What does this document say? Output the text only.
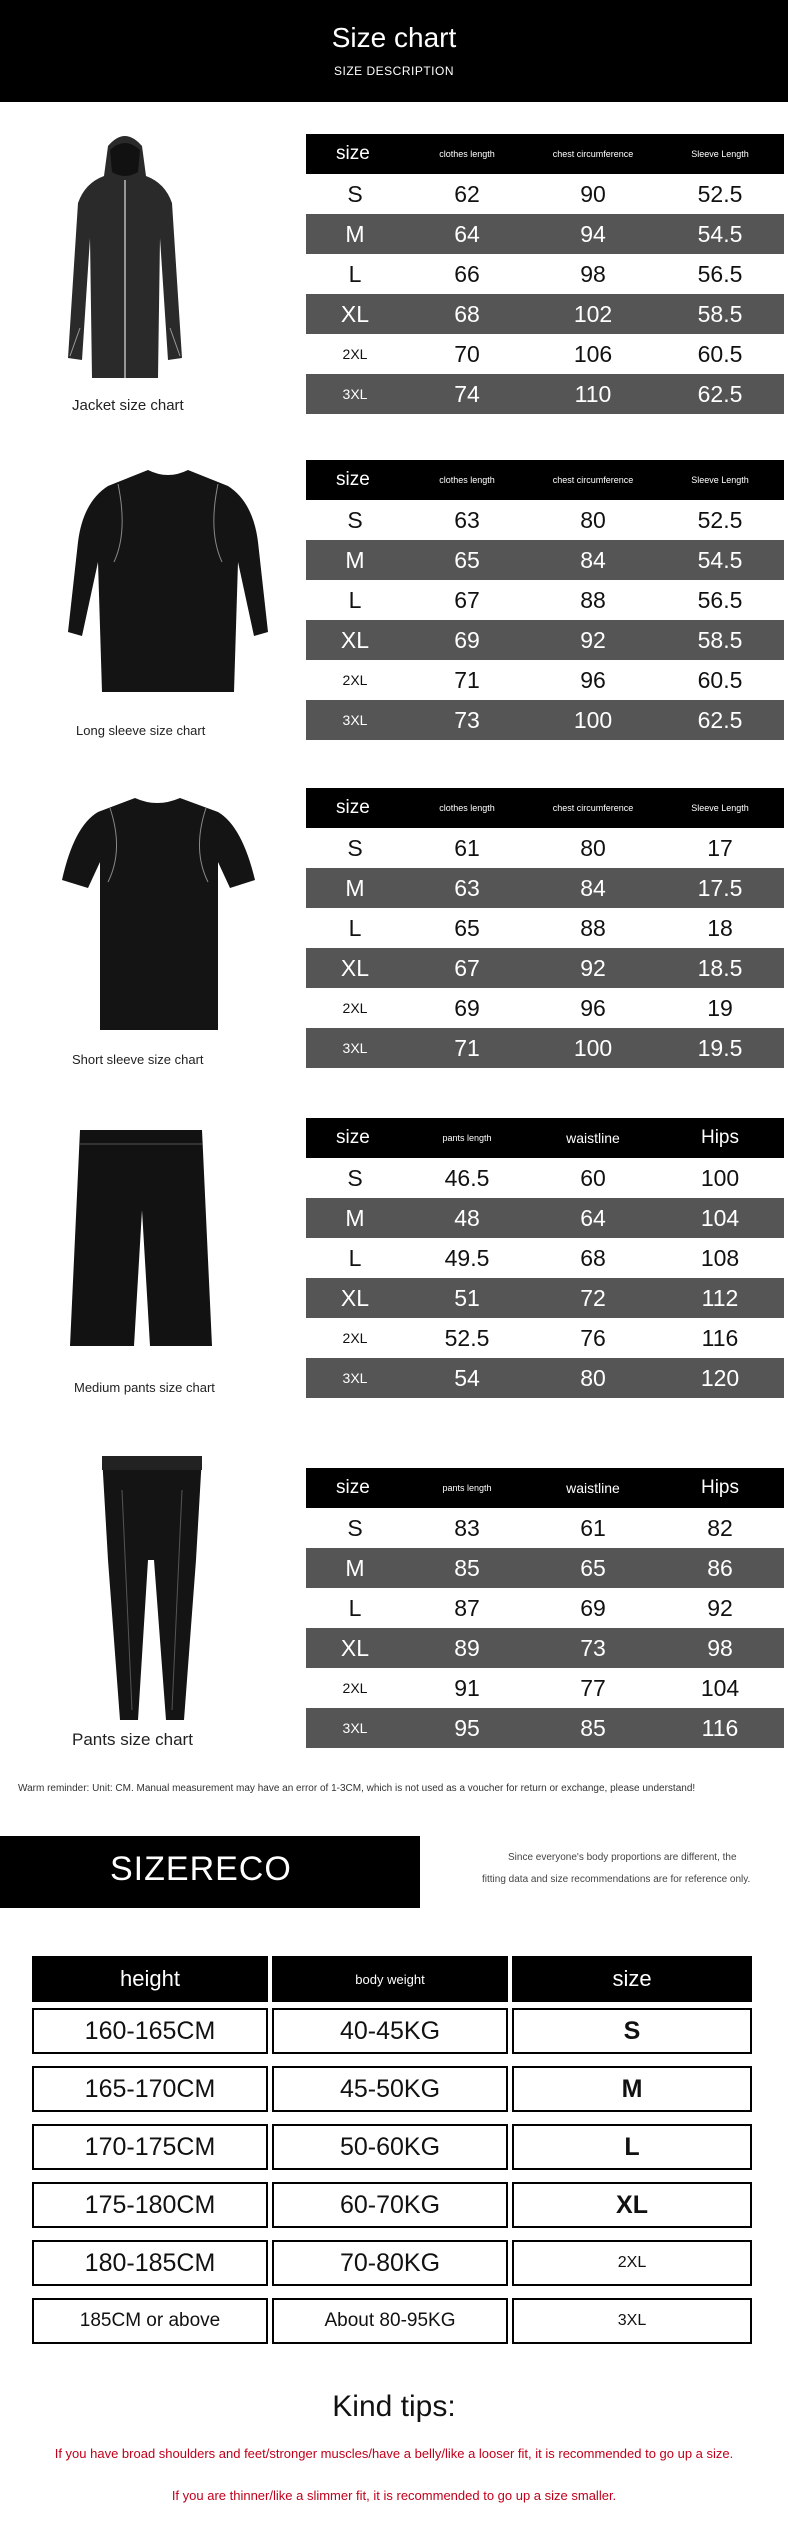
Size chart
SIZE DESCRIPTION
Jacket size chart
Long sleeve size chart
Short sleeve size chart
Medium pants size chart
Pants size chart
size	clothes length	chest circumference	Sleeve Length
S	62	90	52.5
M	64	94	54.5
L	66	98	56.5
XL	68	102	58.5
2XL	70	106	60.5
3XL	74	110	62.5
size	clothes length	chest circumference	Sleeve Length
S	63	80	52.5
M	65	84	54.5
L	67	88	56.5
XL	69	92	58.5
2XL	71	96	60.5
3XL	73	100	62.5
size	clothes length	chest circumference	Sleeve Length
S	61	80	17
M	63	84	17.5
L	65	88	18
XL	67	92	18.5
2XL	69	96	19
3XL	71	100	19.5
size	pants length	waistline	Hips
S	46.5	60	100
M	48	64	104
L	49.5	68	108
XL	51	72	112
2XL	52.5	76	116
3XL	54	80	120
size	pants length	waistline	Hips
S	83	61	82
M	85	65	86
L	87	69	92
XL	89	73	98
2XL	91	77	104
3XL	95	85	116
Warm reminder: Unit: CM. Manual measurement may have an error of 1-3CM, which is not used as a voucher for return or exchange, please understand!
SIZERECO	Since everyone's body proportions are different, the
fitting data and size recommendations are for reference only.
height	body weight	size
160-165CM	40-45KG	S
165-170CM	45-50KG	M
170-175CM	50-60KG	L
175-180CM	60-70KG	XL
180-185CM	70-80KG	2XL
185CM or above	About 80-95KG	3XL
Kind tips:
If you have broad shoulders and feet/stronger muscles/have a belly/like a looser fit, it is recommended to go up a size.
If you are thinner/like a slimmer fit, it is recommended to go up a size smaller.
